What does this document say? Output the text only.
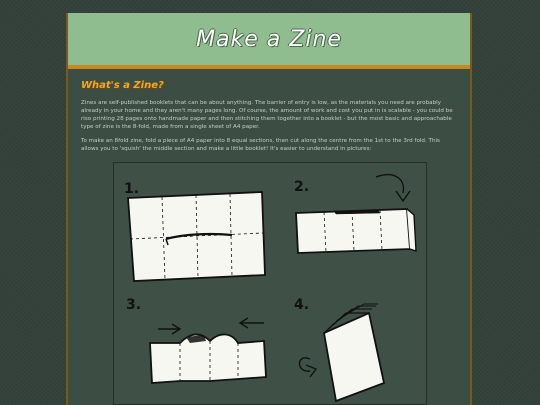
Make a Zine
What's a Zine?

Zines are self-published booklets that can be about anything. The barrier of entry is low, as the materials you need are probably already in your home and they aren't many pages long. Of course, the amount of work and cost you put in is scalable - you could be riso printing 28 pages onto handmade paper and then stitching them together into a booklet - but the most basic and approachable type of zine is the 8-fold, made from a single sheet of A4 paper.

To make an 8fold zine, fold a piece of A4 paper into 8 equal sections, then cut along the centre from the 1st to the 3rd fold. This allows you to 'squish' the middle section and make a little booklet! It's easier to understand in pictures:

1.	2.
3.	4.
